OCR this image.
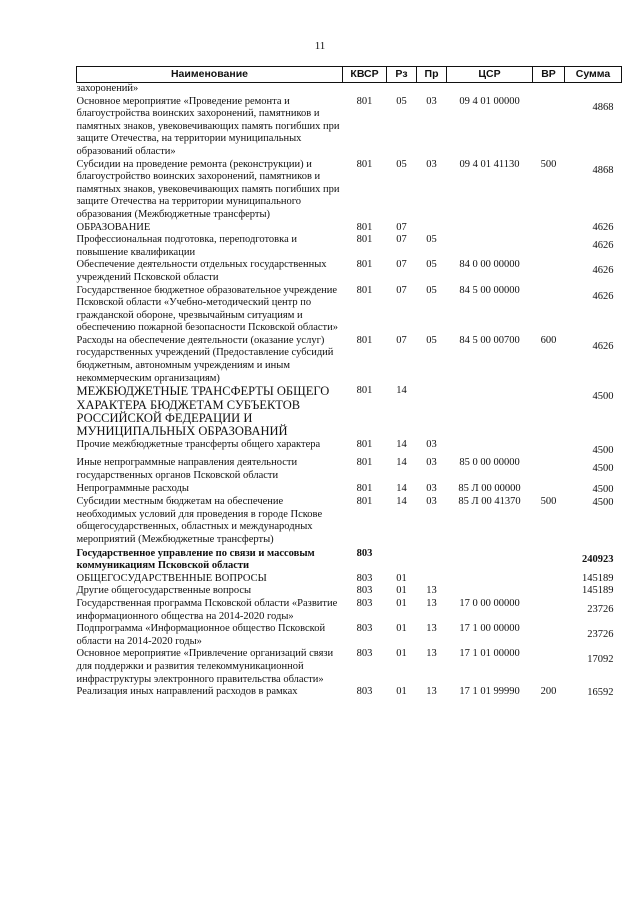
11
Наименование	КВСР	Рз	Пр	ЦСР	ВР	Сумма
захоронений»						
Основное мероприятие «Проведение ремонта и благоустройства воинских захоронений, памятников и памятных знаков, увековечивающих память погибших при защите Отечества, на территории муниципальных образований области»	801	05	03	09 4 01 00000		4868
Субсидии на проведение ремонта (реконструкции) и благоустройство воинских захоронений, памятников и памятных знаков, увековечивающих память погибших при защите Отечества на территории муниципального образования (Межбюджетные трансферты)	801	05	03	09 4 01 41130	500	4868
ОБРАЗОВАНИЕ	801	07				4626
Профессиональная подготовка, переподготовка и повышение квалификации	801	07	05			4626
Обеспечение деятельности отдельных государственных учреждений Псковской области	801	07	05	84 0 00 00000		4626
Государственное бюджетное образовательное учреждение Псковской области «Учебно-методический центр по гражданской обороне, чрезвычайным ситуациям и обеспечению пожарной безопасности Псковской области»	801	07	05	84 5 00 00000		4626
Расходы на обеспечение деятельности (оказание услуг) государственных учреждений (Предоставление субсидий бюджетным, автономным учреждениям и иным некоммерческим организациям)	801	07	05	84 5 00 00700	600	4626
МЕЖБЮДЖЕТНЫЕ ТРАНСФЕРТЫ ОБЩЕГО ХАРАКТЕРА БЮДЖЕТАМ СУБЪЕКТОВ РОССИЙСКОЙ ФЕДЕРАЦИИ И МУНИЦИПАЛЬНЫХ ОБРАЗОВАНИЙ	801	14				4500
Прочие межбюджетные трансферты общего характера	801	14	03			4500
Иные непрограммные направления деятельности государственных органов Псковской области	801	14	03	85 0 00 00000		4500
Непрограммные расходы	801	14	03	85 Л 00 00000		4500
Субсидии местным бюджетам на обеспечение необходимых условий для проведения в городе Пскове общегосударственных, областных и международных мероприятий (Межбюджетные трансферты)	801	14	03	85 Л 00 41370	500	4500
Государственное управление по связи и массовым коммуникациям Псковской области	803					240923
ОБЩЕГОСУДАРСТВЕННЫЕ ВОПРОСЫ	803	01				145189
Другие общегосударственные вопросы	803	01	13			145189
Государственная программа Псковской области «Развитие информационного общества на 2014-2020 годы»	803	01	13	17 0 00 00000		23726
Подпрограмма «Информационное общество Псковской области на 2014-2020 годы»	803	01	13	17 1 00 00000		23726
Основное мероприятие «Привлечение организаций связи для поддержки и развития телекоммуникационной инфраструктуры электронного правительства области»	803	01	13	17 1 01 00000		17092
Реализация иных направлений расходов в рамках	803	01	13	17 1 01 99990	200	16592
